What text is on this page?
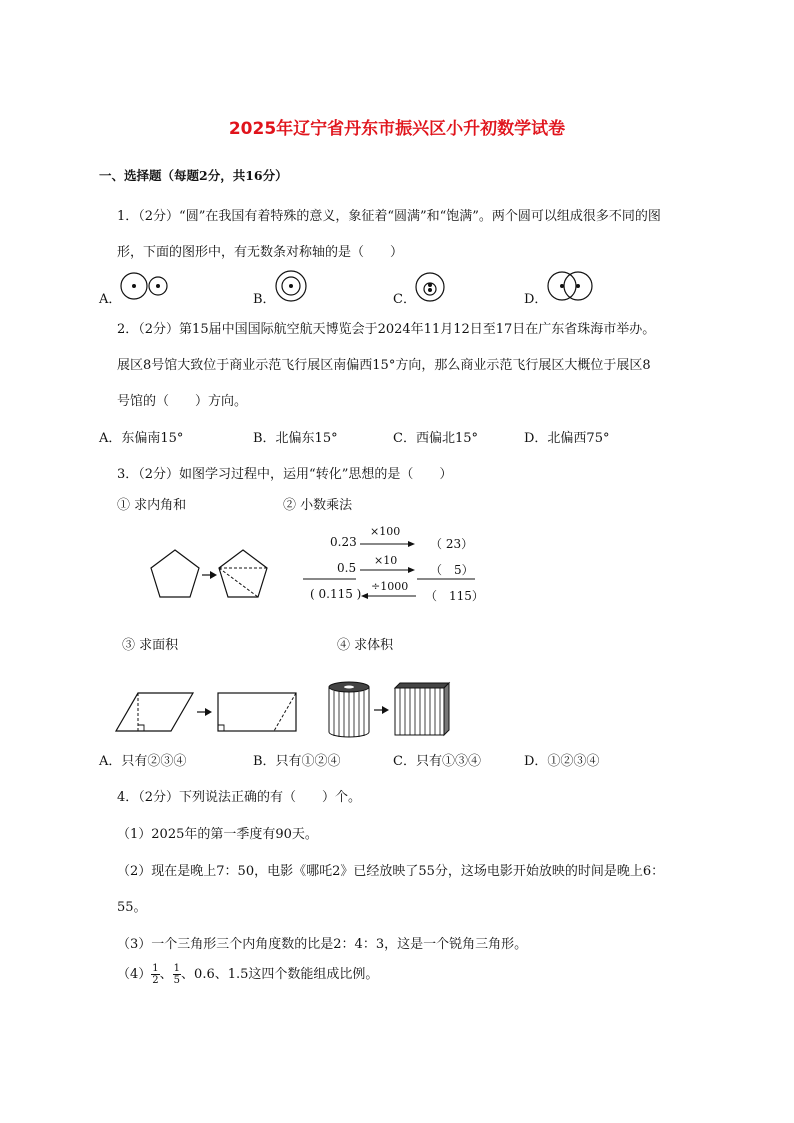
2025年辽宁省丹东市振兴区小升初数学试卷
一、选择题（每题2分，共16分）
1．（2分）“圆”在我国有着特殊的意义，象征着“圆满”和“饱满”。两个圆可以组成很多不同的图
形，下面的图形中，有无数条对称轴的是（　　）
A．	B．	C．	D．
2．（2分）第15届中国国际航空航天博览会于2024年11月12日至17日在广东省珠海市举办。
展区8号馆大致位于商业示范飞行展区南偏西15°方向，那么商业示范飞行展区大概位于展区8
号馆的（　　）方向。
A．东偏南15°	B．北偏东15°	C．西偏北15°	D．北偏西75°
3．（2分）如图学习过程中，运用“转化”思想的是（　　）
① 求内角和	② 小数乘法
0.23
×100
（ 23）
0.5
×10
（　5）
( 0.115 )
÷1000
（　115）
③ 求面积	④ 求体积
A．只有②③④	B．只有①②④	C．只有①③④	D．①②③④
4．（2分）下列说法正确的有（　　）个。
（1）2025年的第一季度有90天。
（2）现在是晚上7：50，电影《哪吒2》已经放映了55分，这场电影开始放映的时间是晚上6：
55。
（3）一个三角形三个内角度数的比是2：4：3，这是一个锐角三角形。
$(4) \frac{1}{2}$ 、 $\frac{1}{5}$ 、0.6、1.5这四个数能组成比例。
